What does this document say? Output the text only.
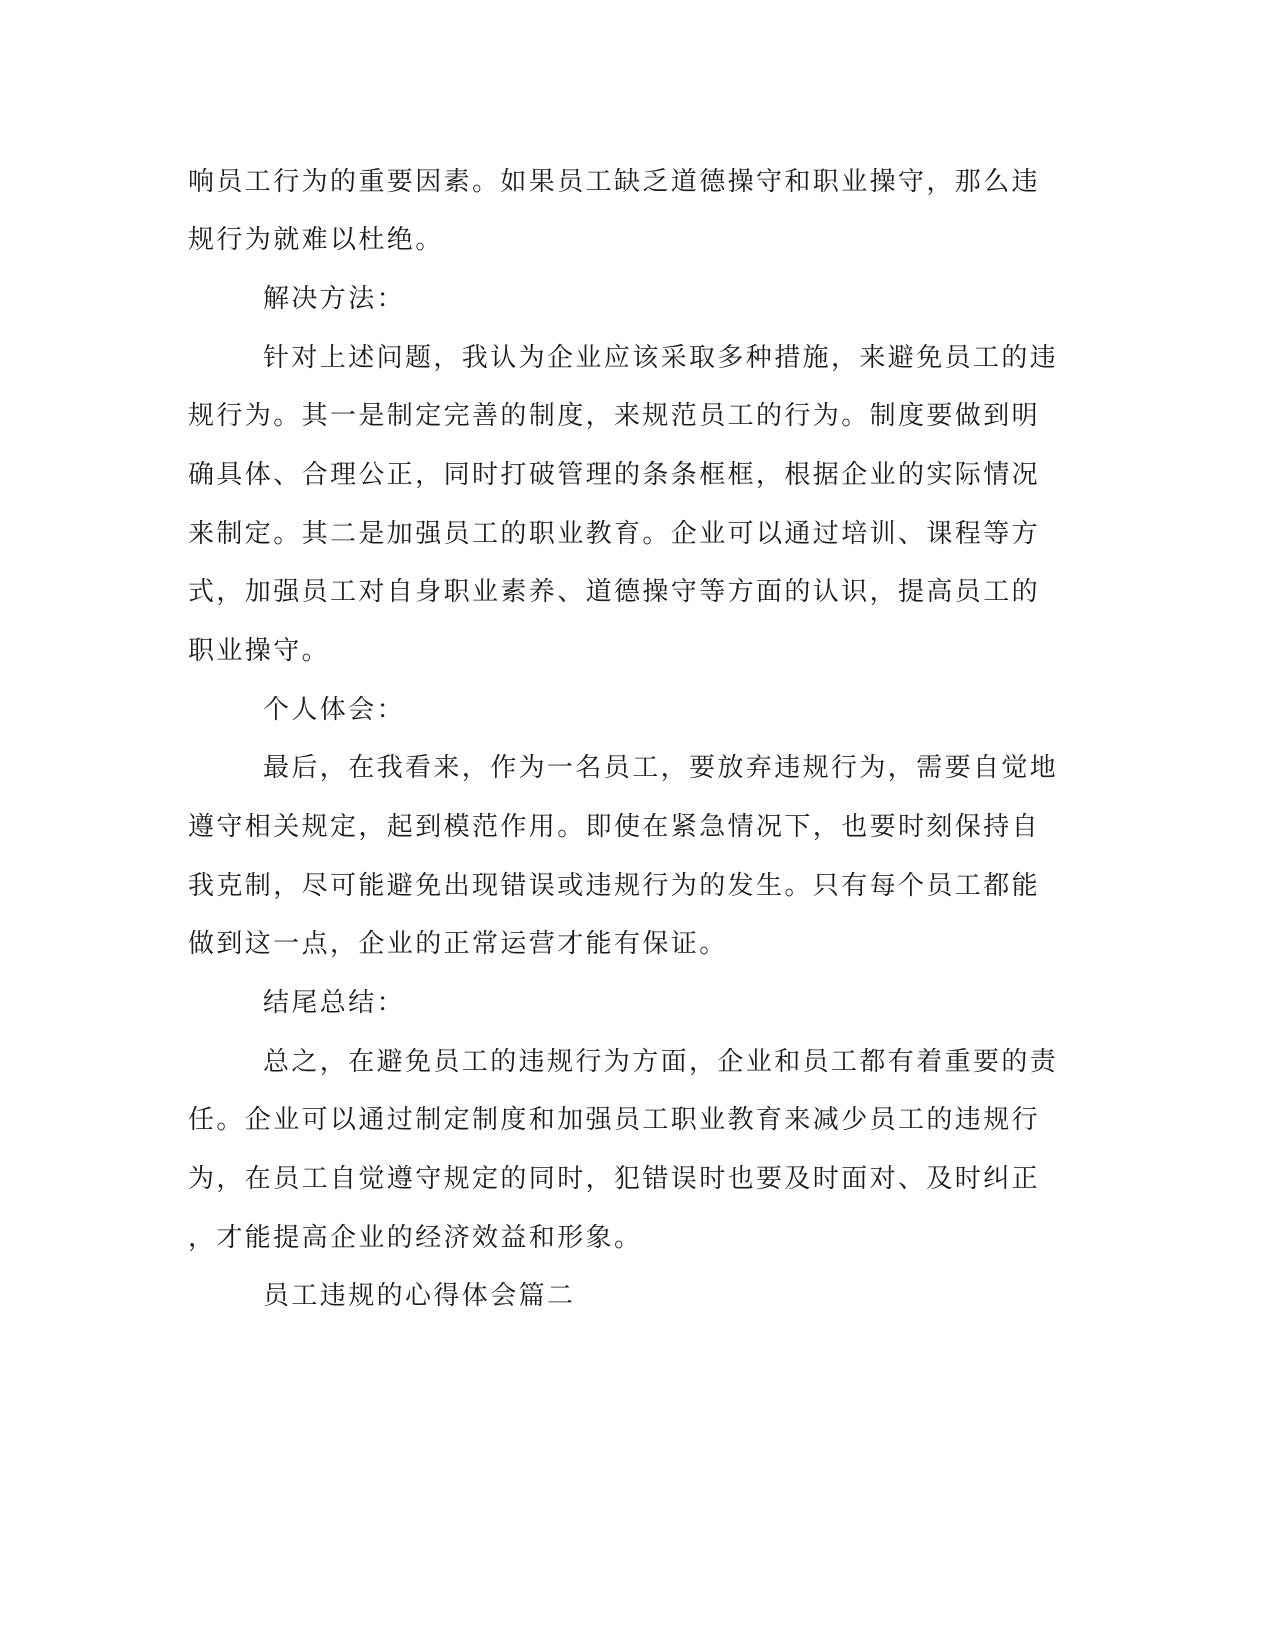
响员工行为的重要因素。如果员工缺乏道德操守和职业操守，那么违
规行为就难以杜绝。
解决方法：
针对上述问题，我认为企业应该采取多种措施，来避免员工的违
规行为。其一是制定完善的制度，来规范员工的行为。制度要做到明
确具体、合理公正，同时打破管理的条条框框，根据企业的实际情况
来制定。其二是加强员工的职业教育。企业可以通过培训、课程等方
式，加强员工对自身职业素养、道德操守等方面的认识，提高员工的
职业操守。
个人体会：
最后，在我看来，作为一名员工，要放弃违规行为，需要自觉地
遵守相关规定，起到模范作用。即使在紧急情况下，也要时刻保持自
我克制，尽可能避免出现错误或违规行为的发生。只有每个员工都能
做到这一点，企业的正常运营才能有保证。
结尾总结：
总之，在避免员工的违规行为方面，企业和员工都有着重要的责
任。企业可以通过制定制度和加强员工职业教育来减少员工的违规行
为，在员工自觉遵守规定的同时，犯错误时也要及时面对、及时纠正
，才能提高企业的经济效益和形象。
员工违规的心得体会篇二
